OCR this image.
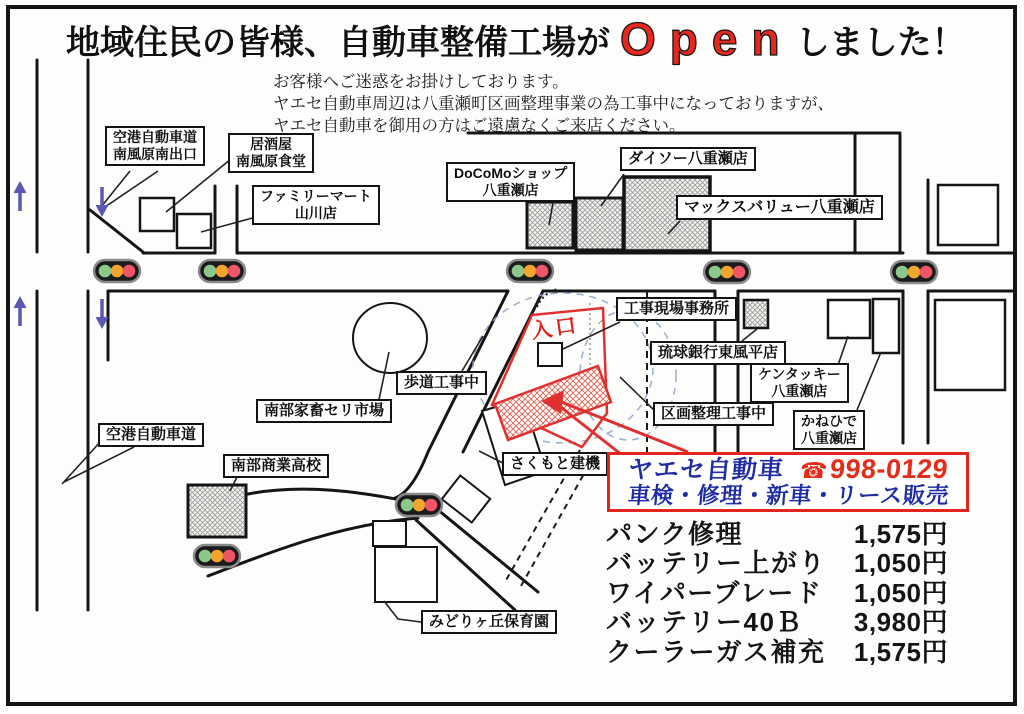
地域住民の皆様、自動車整備工場が Open しました！
お客様へご迷惑をお掛けしております。
ヤエセ自動車周辺は八重瀬町区画整理事業の為工事中になっておりますが、
ヤエセ自動車を御用の方はご遠慮なくご来店ください。
空港自動車道
南風原南出口
居酒屋
南風原食堂
ファミリーマート
山川店
DoCoMoショップ
八重瀬店
ダイソー八重瀬店
マックスバリュー八重瀬店
工事現場事務所
琉球銀行東風平店
ケンタッキー
八重瀬店
かねひで
八重瀬店
区画整理工事中
歩道工事中
南部家畜セリ市場
空港自動車道
南部商業高校	さくもと建機
みどりヶ丘保育園
入口
ヤエセ自動車 ☎998-0129
車検・修理・新車・リース販売
パンク修理	1,575円
バッテリー上がり 1,050円
ワイパーブレード 1,050円
バッテリー40Ｂ 3,980円
クーラーガス補充 1,575円
